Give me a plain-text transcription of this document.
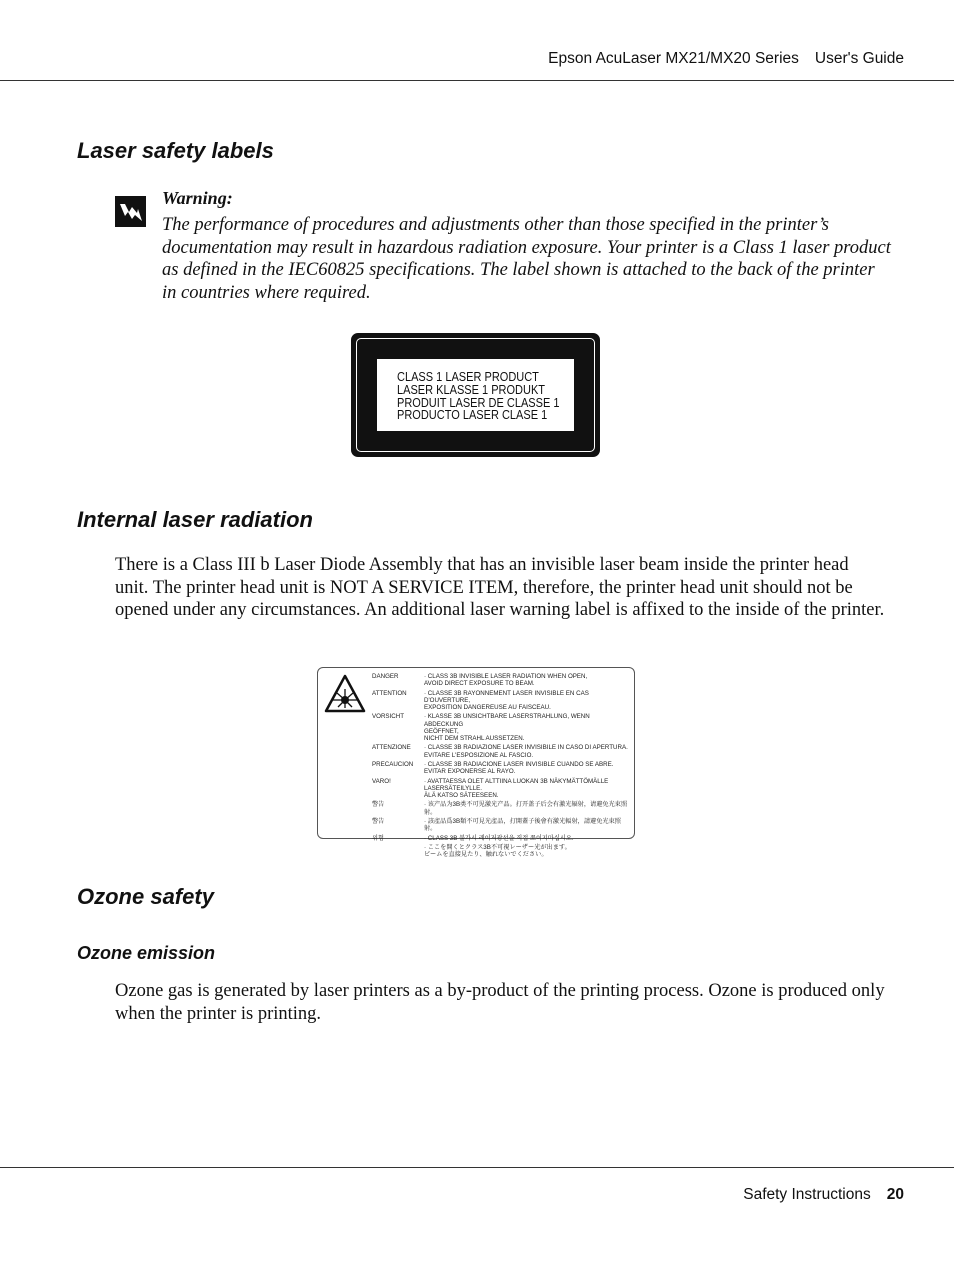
Epson AcuLaser MX21/MX20 Series User's Guide
Laser safety labels
Warning:
The performance of procedures and adjustments other than those specified in the printer’s documentation may result in hazardous radiation exposure. Your printer is a Class 1 laser product as defined in the IEC60825 specifications. The label shown is attached to the back of the printer in countries where required.
CLASS 1 LASER PRODUCT
LASER KLASSE 1 PRODUKT
PRODUIT LASER DE CLASSE 1
PRODUCTO LASER CLASE 1
Internal laser radiation
There is a Class III b Laser Diode Assembly that has an invisible laser beam inside the printer head unit. The printer head unit is NOT A SERVICE ITEM, therefore, the printer head unit should not be opened under any circumstances. An additional laser warning label is affixed to the inside of the printer.
DANGER	· CLASS 3B INVISIBLE LASER RADIATION WHEN OPEN,
AVOID DIRECT EXPOSURE TO BEAM.
ATTENTION	· CLASSE 3B RAYONNEMENT LASER INVISIBLE EN CAS D'OUVERTURE,
EXPOSITION DANGEREUSE AU FAISCEAU.
VORSICHT	· KLASSE 3B UNSICHTBARE LASERSTRAHLUNG, WENN ABDECKUNG
GEÖFFNET,
NICHT DEM STRAHL AUSSETZEN.
ATTENZIONE	· CLASSE 3B RADIAZIONE LASER INVISIBILE IN CASO DI APERTURA.
EVITARE L'ESPOSIZIONE AL FASCIO.
PRECAUCION	· CLASSE 3B RADIACIONE LASER INVISIBLE CUANDO SE ABRE.
EVITAR EXPONERSE AL RAYO.
VARO!	· AVATTAESSA OLET ALTTIINA LUOKAN 3B NÄKYMÄTTÖMÄLLE
LASERSÄTEILYLLE.
ÄLÄ KATSO SÄTEESEEN.
警告	· 该产品为3B类不可见激光产品。打开盖子后会有激光辐射，请避免光束照射。
警告	· 該產品爲3B類不可見光產品，打開蓋子後會有激光輻射，請避免光束照射。
위험	· CLASS 3B 불가시 레이저광선을 직접 쪼이지마십시오.
· ここを開くとクラス3B不可視レーザー光が出ます。
ビームを直接見たり、触れないでください。
Ozone safety
Ozone emission
Ozone gas is generated by laser printers as a by-product of the printing process. Ozone is produced only when the printer is printing.
Safety Instructions 20
